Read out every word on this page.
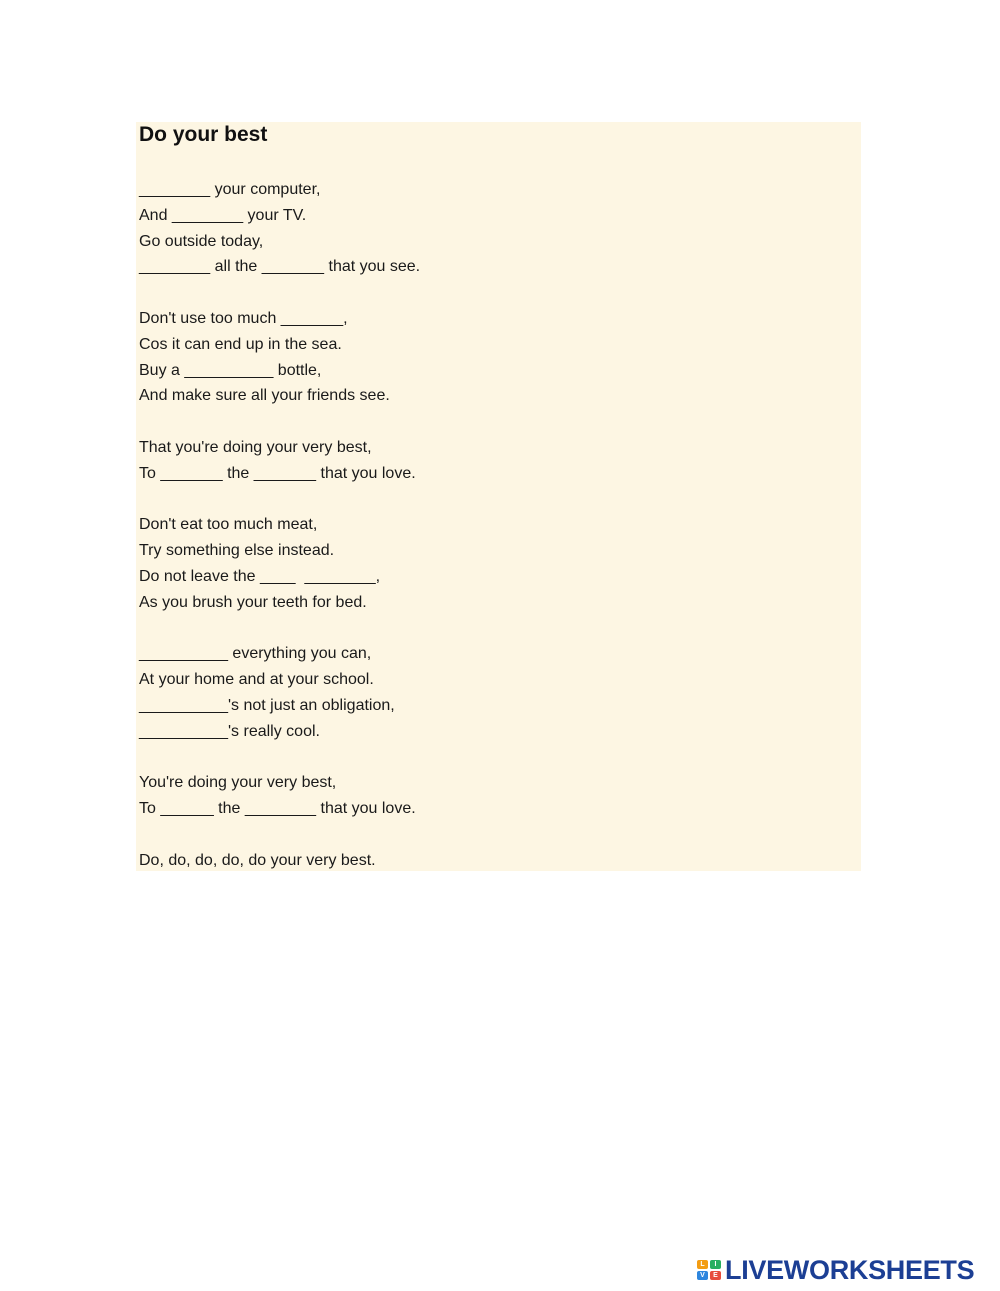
Do your best
________ your computer,
And ________ your TV.
Go outside today,
________ all the _______ that you see.
Don't use too much _______,
Cos it can end up in the sea.
Buy a __________ bottle,
And make sure all your friends see.
That you're doing your very best,
To _______ the _______ that you love.
Don't eat too much meat,
Try something else instead.
Do not leave the ____  ________,
As you brush your teeth for bed.
__________ everything you can,
At your home and at your school.
__________'s not just an obligation,
__________'s really cool.
You're doing your very best,
To ______ the ________ that you love.
Do, do, do, do, do your very best.
L	I
V	E LIVEWORKSHEETS
